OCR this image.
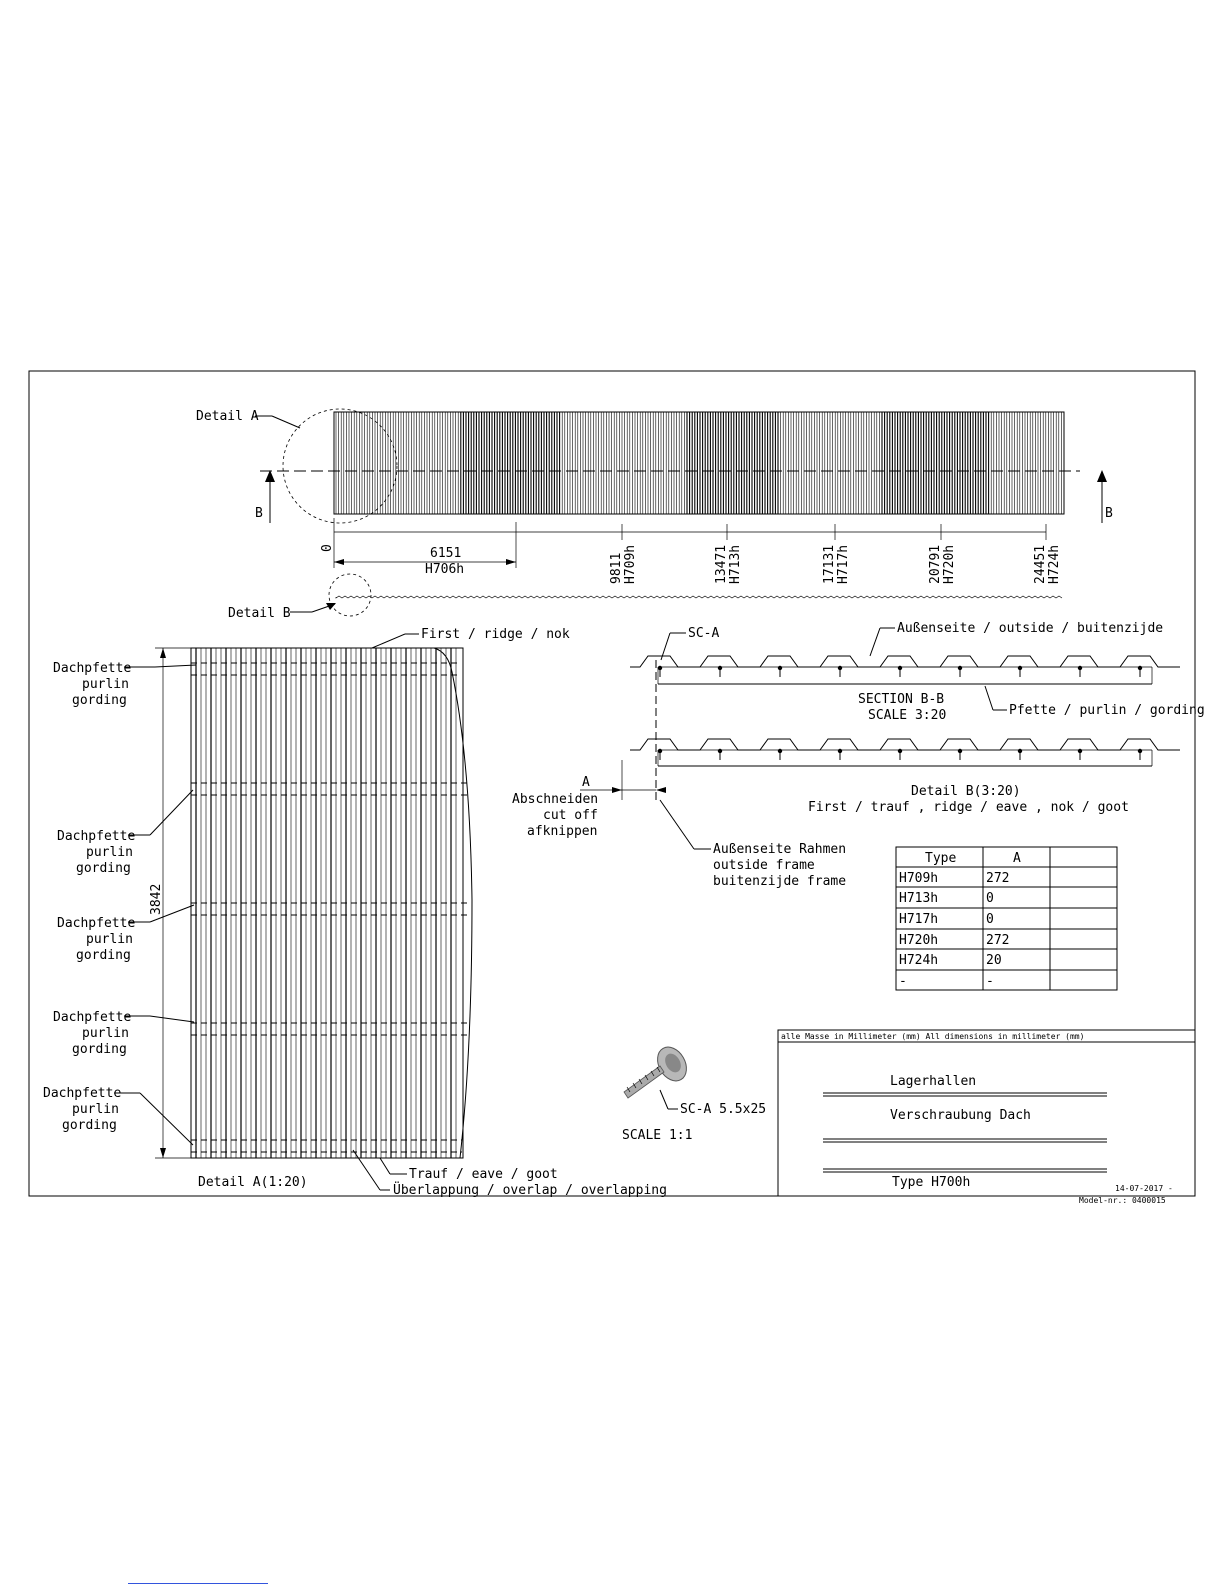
B	B
Detail A
0	6151
H706h	9811 H709h	13471 H713h	17131 H717h	20791 H720h	24451 H724h
Detail B
3842
Dachpfette
purlin
gording
Dachpfette
purlin
gording
Dachpfette
purlin
gording
Dachpfette
purlin
gording
Dachpfette
purlin
gording
First / ridge / nok
Trauf / eave / goot
Überlappung / overlap / overlapping
Detail A(1:20)
SC-A	Außenseite / outside / buitenzijde
SECTION B-B
SCALE 3:20	Pfette / purlin / gording
A
Abschneiden
cut off
afknippen
Detail B(3:20)
First / trauf , ridge / eave , nok / goot
Außenseite Rahmen
outside frame
buitenzijde frame
Type	A
H709h	272
H713h	0
H717h	0
H720h	272
H724h	20
-	-
SC-A 5.5x25
SCALE 1:1
alle Masse in Millimeter (mm) All dimensions in millimeter (mm)
Lagerhallen
Verschraubung Dach
Type H700h	14-07-2017 -
Model-nr.: 0400015
